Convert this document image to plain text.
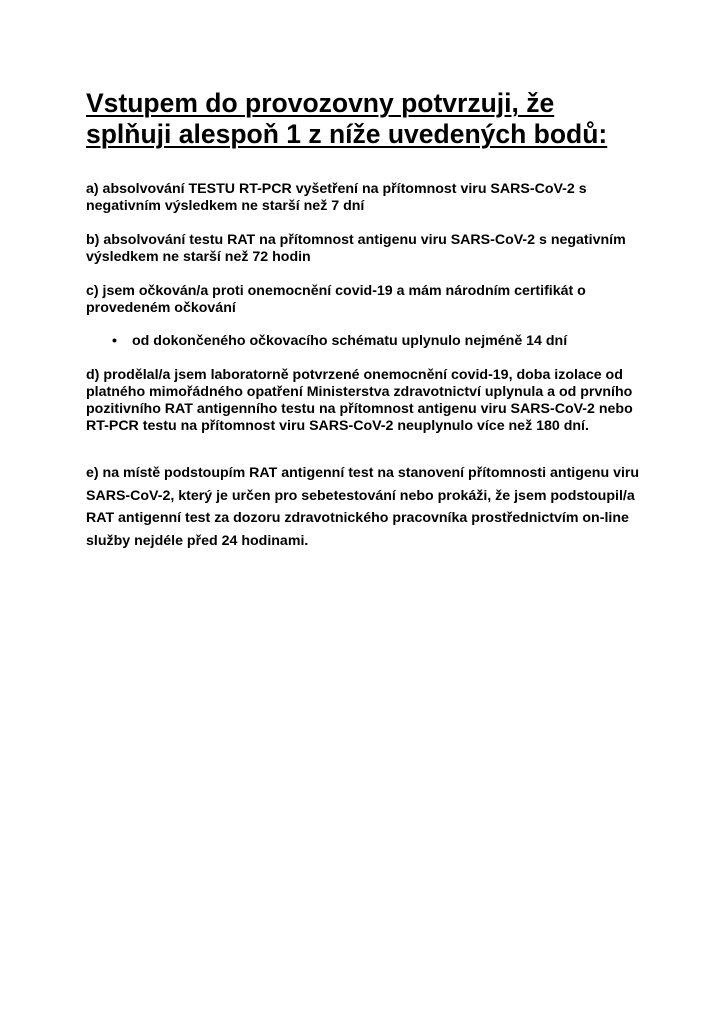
Vstupem do provozovny potvrzuji, že splňuji alespoň 1 z níže uvedených bodů:

a) absolvování TESTU RT-PCR vyšetření na přítomnost viru SARS-CoV-2 s negativním výsledkem ne starší než 7 dní

b) absolvování testu RAT na přítomnost antigenu viru SARS-CoV-2 s negativním výsledkem ne starší než 72 hodin

c) jsem očkován/a proti onemocnění covid-19 a mám národním certifikát o provedeném očkování

• od dokončeného očkovacího schématu uplynulo nejméně 14 dní

d) prodělal/a jsem laboratorně potvrzené onemocnění covid-19, doba izolace od platného mimořádného opatření Ministerstva zdravotnictví uplynula a od prvního pozitivního RAT antigenního testu na přítomnost antigenu viru SARS-CoV-2 nebo RT-PCR testu na přítomnost viru SARS-CoV-2 neuplynulo více než 180 dní.

e) na místě podstoupím RAT antigenní test na stanovení přítomnosti antigenu viru SARS-CoV-2, který je určen pro sebetestování nebo prokáži, že jsem podstoupil/a RAT antigenní test za dozoru zdravotnického pracovníka prostřednictvím on-line služby nejdéle před 24 hodinami.
